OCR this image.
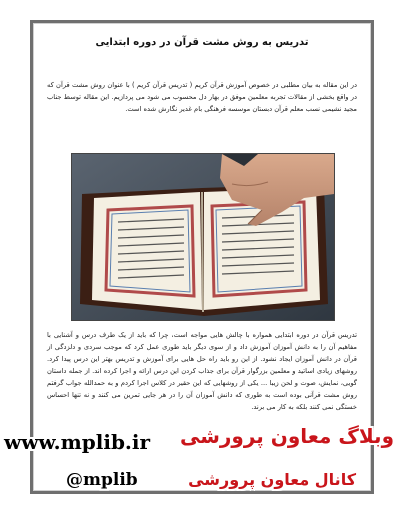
تدریس به روش مشت قرآن در دوره ابتدایی
در این مقاله به بیان مطلبی در خصوص آموزش قرآن کریم ( تدریس قرآن کریم ) با عنوان روش مشت قرآن که در واقع بخشی از مقالات تجربه معلمین موفق در بهار دل محسوب می شود می پردازیم. این مقاله توسط جناب مجید نشیمی نسب معلم قرآن دبستان موسسه فرهنگی بام غدیر نگارش شده است.
تدریس قرآن در دوره ابتدایی همواره با چالش هایی مواجه است، چرا که باید از یک طرف درس و آشنایی با مفاهیم آن را به دانش آموزان آموزش داد و از سوی دیگر باید طوری عمل کرد که موجب سردی و دلزدگی از قرآن در دانش آموزان ایجاد نشود. از این رو باید راه حل هایی برای آموزش و تدریس بهتر این درس پیدا کرد. روشهای زیادی اساتید و معلمین بزرگوار قرآن برای جذاب کردن این درس ارائه و اجرا کرده اند. از جمله داستان گویی، نمایش، صوت و لحن زیبا ... یکی از روشهایی که این حقیر در کلاس اجرا کردم و به حمدالله جواب گرفتم روش مشت قرآنی بوده است به طوری که دانش آموزان آن را در هر جایی تمرین می کنند و نه تنها احساس خستگی نمی کنند بلکه به کار می برند.
www.mplib.ir وبلاگ معاون پرورشی
کانال معاون پرورشی
@mplib
